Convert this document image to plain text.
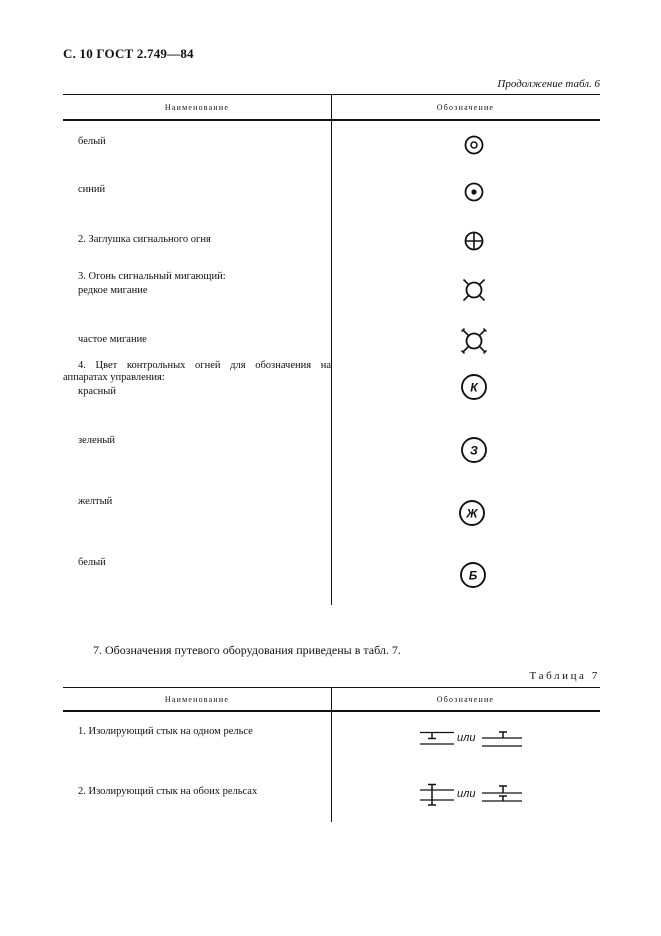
С. 10 ГОСТ 2.749—84
Продолжение табл. 6
Наименование	Обозначение
белый
синий
2. Заглушка сигнального огня
3. Огонь сигнальный мигающий:
редкое мигание
частое мигание
4. Цвет контрольных огней для обозначения на
аппаратах управления:
красный
зеленый
желтый
белый
К
З
Ж
Б
7. Обозначения путевого оборудования приведены в табл. 7.
Таблица 7
Наименование	Обозначение
1. Изолирующий стык на одном рельсе
2. Изолирующий стык на обоих рельсах
или
или
